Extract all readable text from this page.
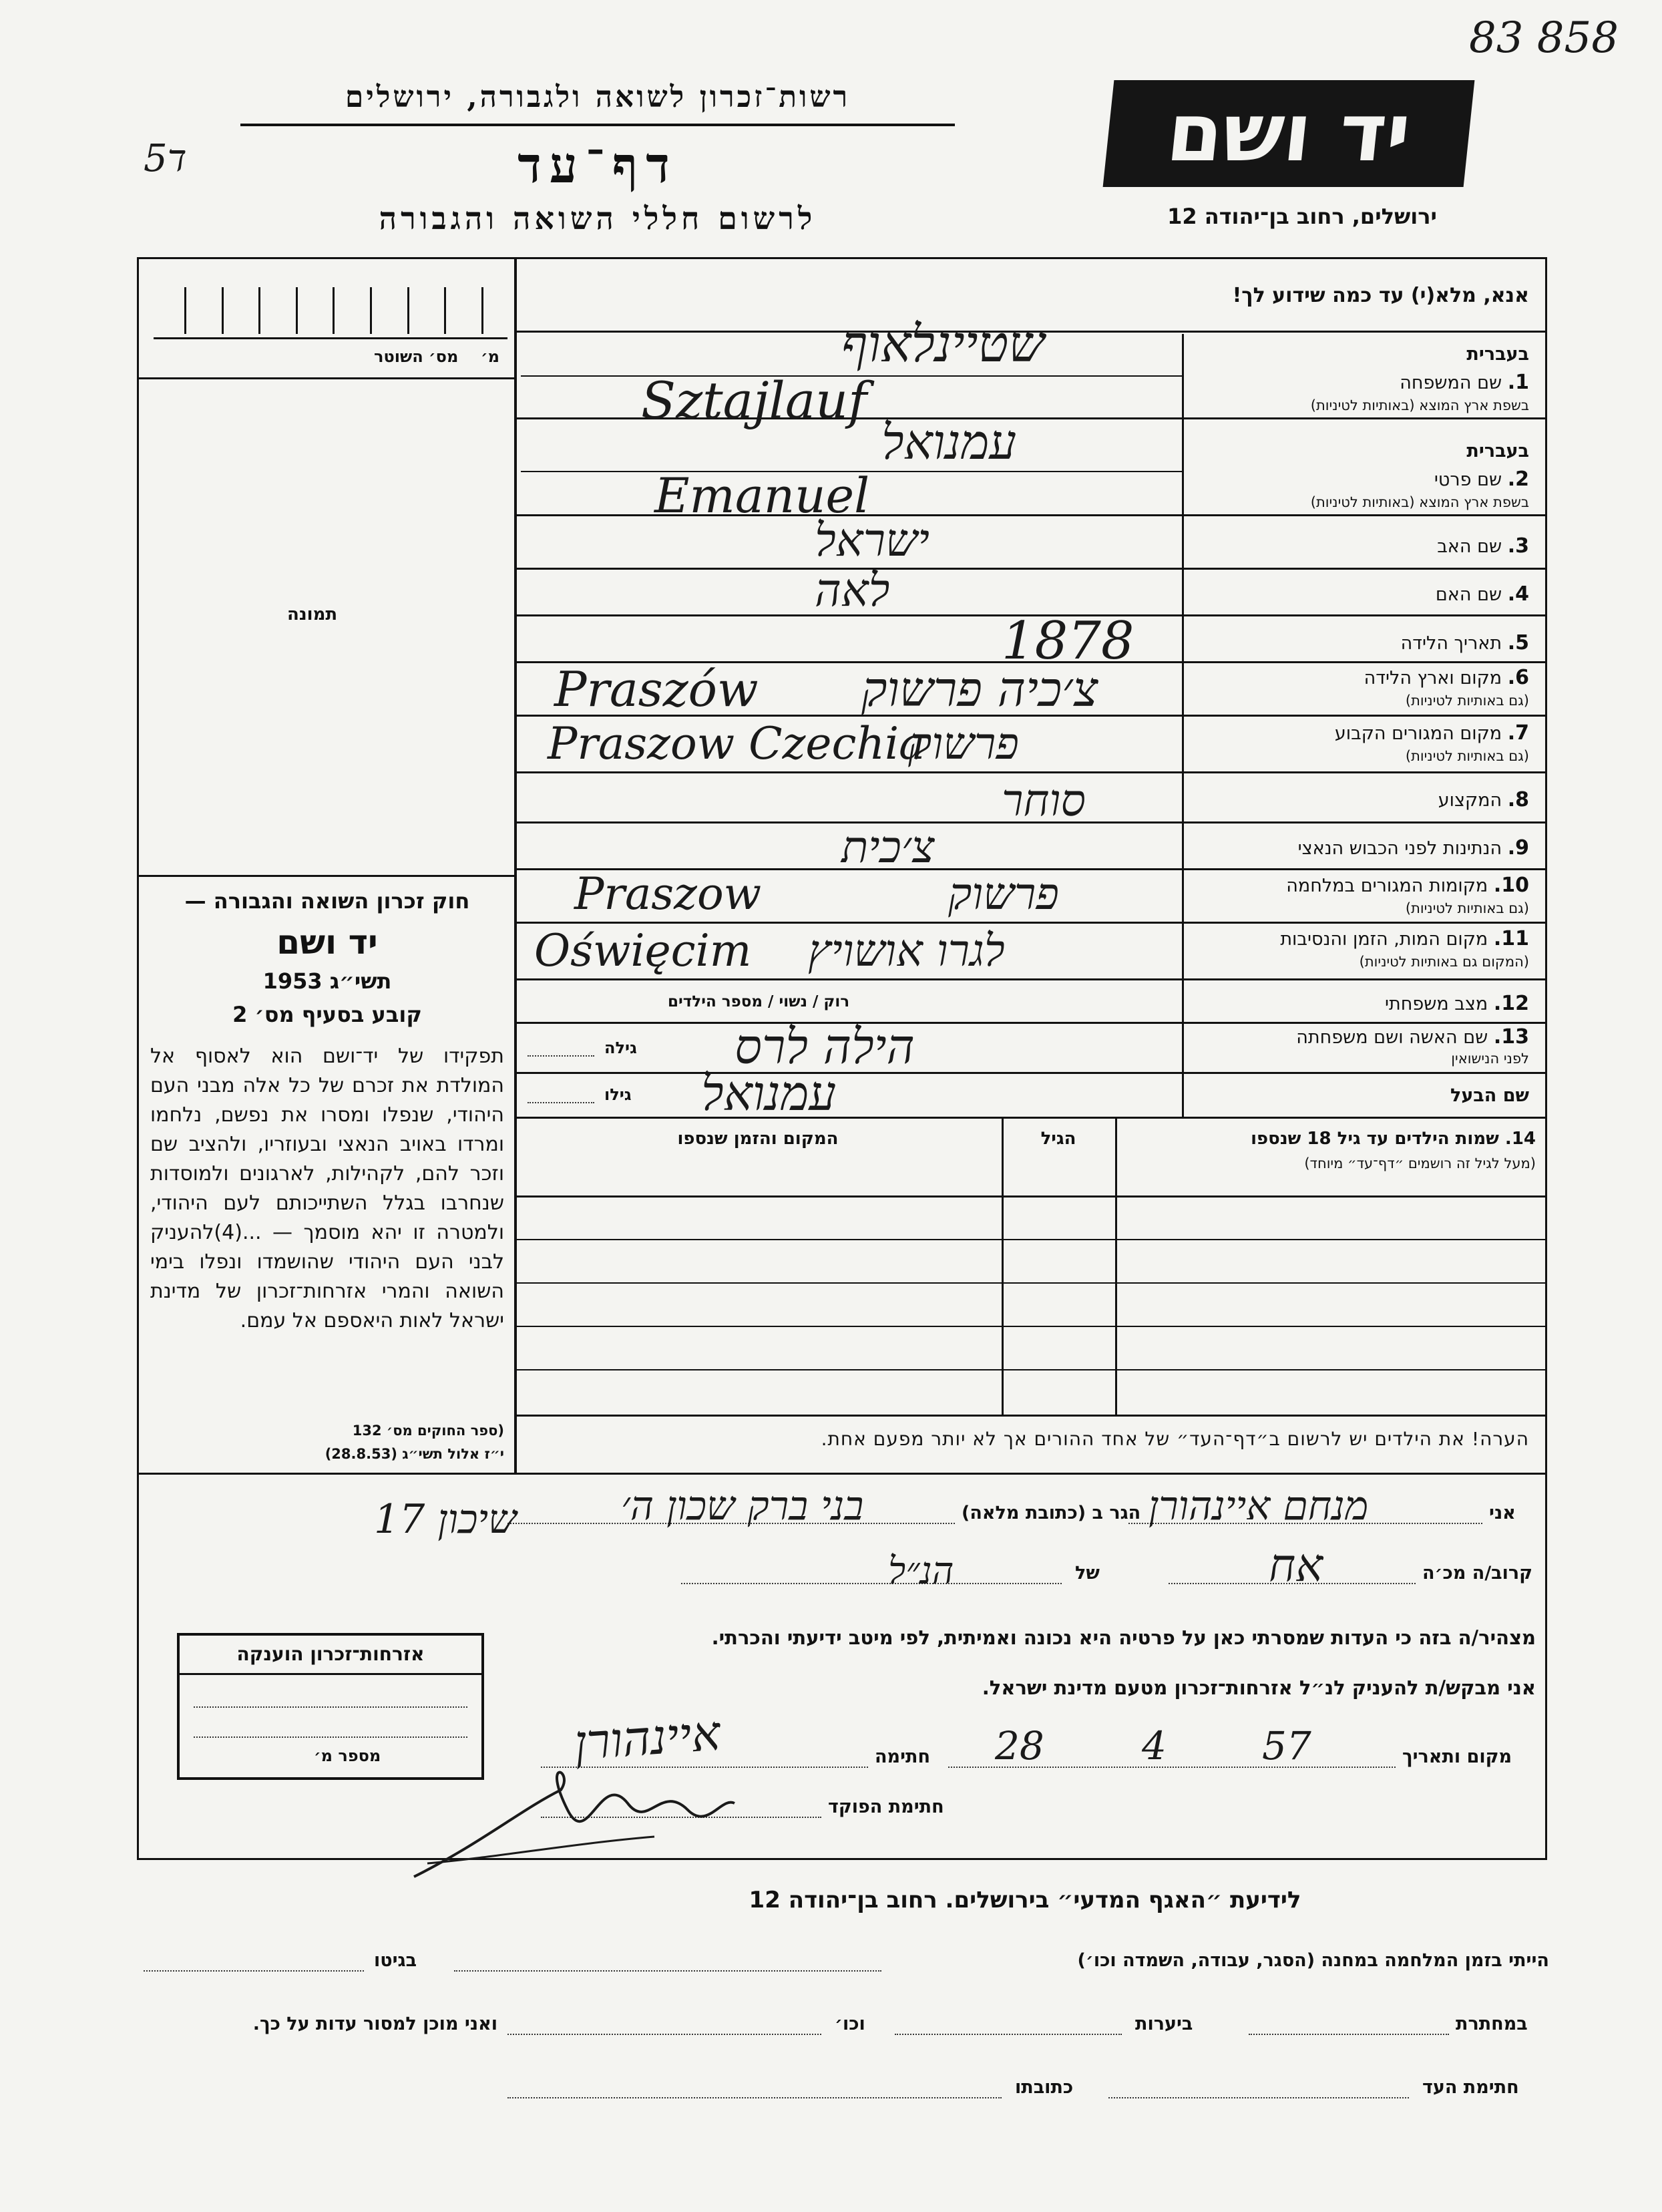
83 858
5ד
רשות־זכרון לשואה ולגבורה, ירושלים
דף־עד
לרשום חללי השואה והגבורה
יד ושם
ירושלים, רחוב בן־יהודה 12
מס׳ השוטר מ׳
תמונה
חוק זכרון השואה והגבורה —
יד ושם
1953 תשי״ג
קובע בסעיף מס׳ 2
תפקידו של יד־ושם הוא לאסוף אל המולדת את זכרם של כל אלה מבני העם היהודי, שנפלו ומסרו את נפשם, נלחמו ומרדו באויב הנאצי ובעוזריו, ולהציב שם וזכר להם, לקהילות, לארגונים ולמוסדות שנחרבו בגלל השתייכותם לעם היהודי, ולמטרה זו יהא מוסמך — ...(4)להעניק לבני העם היהודי שהושמדו ונפלו בימי השואה והמרי אזרחות־זכרון של מדינת ישראל לאות היאספם אל עמם.
(ספר החוקים מס׳ 132
י״ז אלול תשי״ג (28.8.53)
אנא, מלא(י) עד כמה שידוע לך!
בעברית
1. שם המשפחה
בשפת ארץ המוצא (באותיות לטיניות)
בעברית
2. שם פרטי
בשפת ארץ המוצא (באותיות לטיניות)
3. שם האב
4. שם האם
5. תאריך הלידה
6. מקום וארץ הלידה
(גם באותיות לטיניות)
7. מקום המגורים הקבוע
(גם באותיות לטיניות)
8. המקצוע
9. הנתינות לפני הכבוש הנאצי
10. מקומות המגורים במלחמה
(גם באותיות לטיניות)
11. מקום המות, הזמן והנסיבות
(המקום גם באותיות לטיניות)
12. מצב משפחתי
13. שם האשה ושם משפחתה
לפני הנישואין
שם הבעל
רוק / נשוי / מספר הילדים
גילה
גילו
שטיינלאוף
Sztajlauf
עמנואל
Emanuel
ישראל
לאה
1878
Praszów צ׳כיה פרשוק
Praszow Czechia
פרשוק
סוחר
צ׳כית
Praszow	פרשוק
Oświęcim לגרו אושויץ
הילה לרס
עמנואל
14. שמות הילדים עד גיל 18 שנספו
(מעל לגיל זה רושמים ״דף־עד״ מיוחד)
הגיל
המקום והזמן שנספו
הערה! את הילדים יש לרשום ב״דף־העד״ של אחד ההורים אך לא יותר מפעם אחת.
אני
מנחם איינהורן
הגר ב (כתובת מלאה)
בני ברק שכון ה׳
שיכון 17
קרוב/ה מכ׳ה
אח
של
הנ״ל
מצהיר/ה בזה כי העדות שמסרתי כאן על פרטיה היא נכונה ואמיתית, לפי מיטב ידיעתי והכרתי.
אני מבקש/ת להעניק לנ״ל אזרחות־זכרון מטעם מדינת ישראל.
מקום ותאריך
28	4 57
חתימה
איינהורן
חתימת הפוקד
אזרחות־זכרון הוענקה
מספר מ׳
לידיעת ״האגף המדעי״ בירושלים. רחוב בן־יהודה 12
הייתי בזמן המלחמה במחנה (הסגר, עבודה, השמדה וכו׳)
בגיטו
במחתרת
ביערות
וכו׳
ואני מוכן למסור עדות על כך.
חתימת העד
כתובתו
